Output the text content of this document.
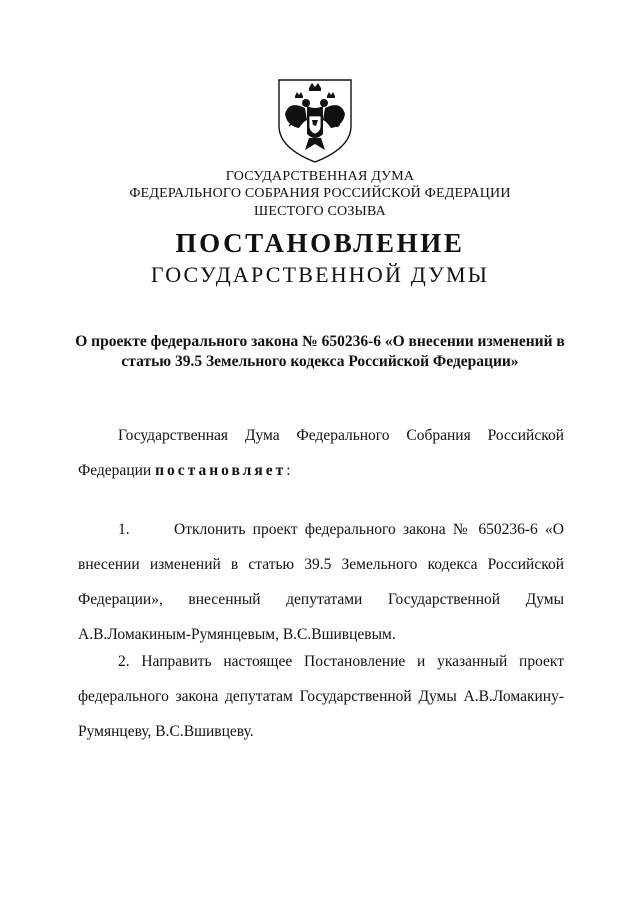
ГОСУДАРСТВЕННАЯ ДУМА
ФЕДЕРАЛЬНОГО СОБРАНИЯ РОССИЙСКОЙ ФЕДЕРАЦИИ
ШЕСТОГО СОЗЫВА
ПОСТАНОВЛЕНИЕ
ГОСУДАРСТВЕННОЙ ДУМЫ
О проекте федерального закона № 650236-6 «О внесении изменений в статью 39.5 Земельного кодекса Российской Федерации»
Государственная Дума Федерального Собрания Российской Федерации постановляет:
1.	Отклонить проект федерального закона № 650236-6 «О внесении изменений в статью 39.5 Земельного кодекса Российской Федерации», внесенный депутатами Государственной Думы А.В.Ломакиным-Румянцевым, В.С.Вшивцевым.
2. Направить настоящее Постановление и указанный проект федерального закона депутатам Государственной Думы А.В.Ломакину-Румянцеву, В.С.Вшивцеву.
